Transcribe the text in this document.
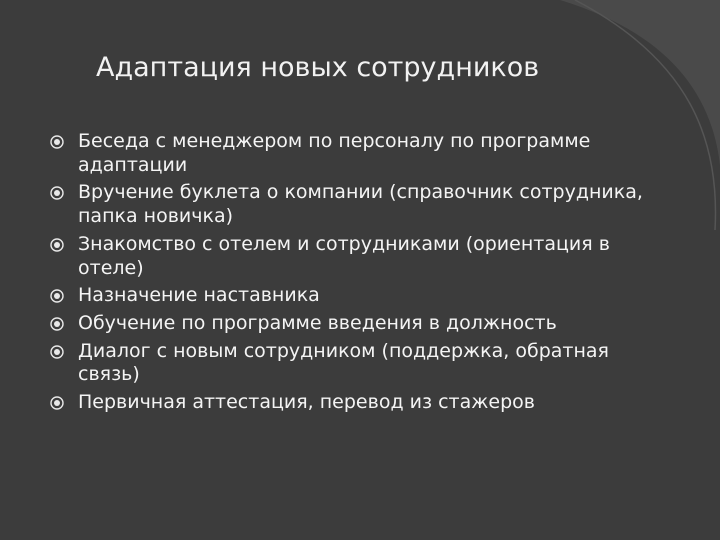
Адаптация новых сотрудников
Беседа с менеджером по персоналу по программе адаптации
Вручение буклета о компании (справочник сотрудника, папка новичка)
Знакомство с отелем и сотрудниками (ориентация в отеле)
Назначение наставника
Обучение по программе введения в должность
Диалог с новым сотрудником (поддержка, обратная связь)
Первичная аттестация, перевод из стажеров
